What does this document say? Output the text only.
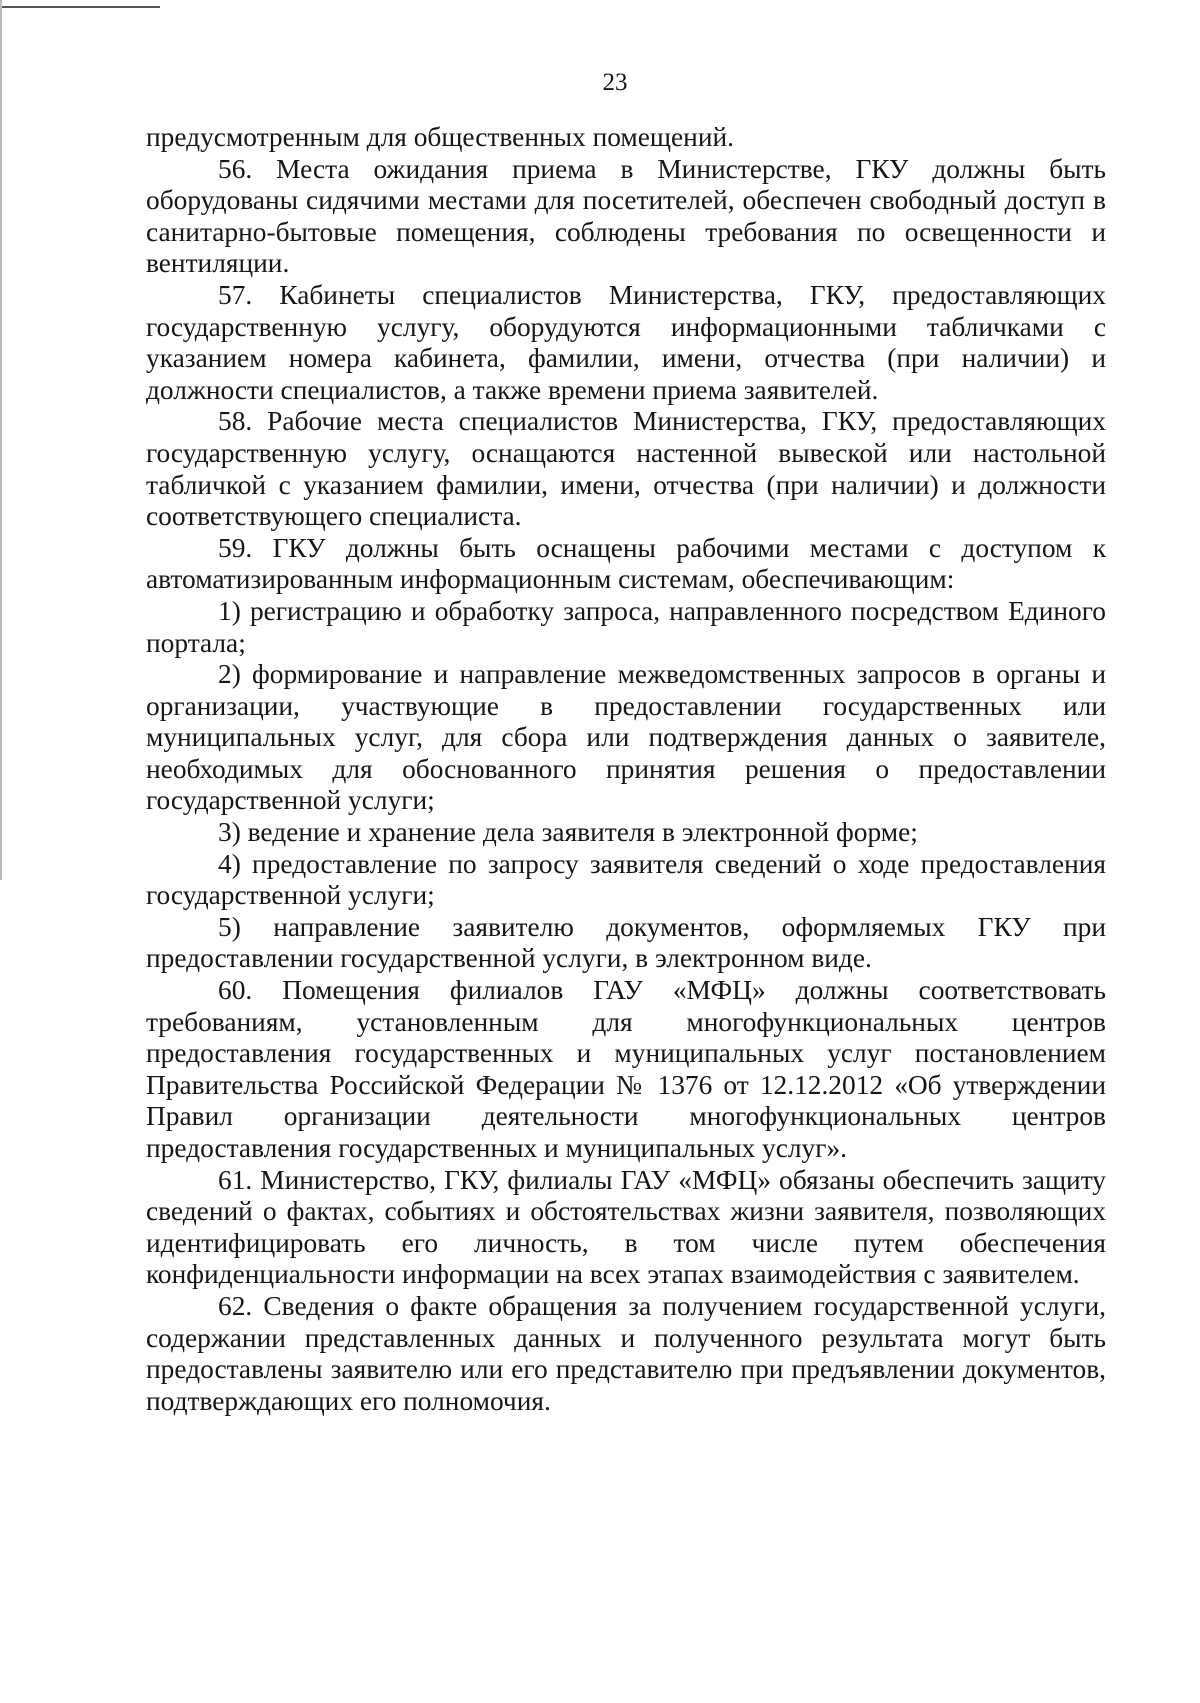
23

предусмотренным для общественных помещений.

56. Места ожидания приема в Министерстве, ГКУ должны быть оборудованы сидячими местами для посетителей, обеспечен свободный доступ в санитарно-бытовые помещения, соблюдены требования по освещенности и вентиляции.

57. Кабинеты специалистов Министерства, ГКУ, предоставляющих государственную услугу, оборудуются информационными табличками с указанием номера кабинета, фамилии, имени, отчества (при наличии) и должности специалистов, а также времени приема заявителей.

58. Рабочие места специалистов Министерства, ГКУ, предоставляющих государственную услугу, оснащаются настенной вывеской или настольной табличкой с указанием фамилии, имени, отчества (при наличии) и должности соответствующего специалиста.

59. ГКУ должны быть оснащены рабочими местами с доступом к автоматизированным информационным системам, обеспечивающим:

1) регистрацию и обработку запроса, направленного посредством Единого портала;

2) формирование и направление межведомственных запросов в органы и организации, участвующие в предоставлении государственных или муниципальных услуг, для сбора или подтверждения данных о заявителе, необходимых для обоснованного принятия решения о предоставлении государственной услуги;

3) ведение и хранение дела заявителя в электронной форме;

4) предоставление по запросу заявителя сведений о ходе предоставления государственной услуги;

5) направление заявителю документов, оформляемых ГКУ при предоставлении государственной услуги, в электронном виде.

60. Помещения филиалов ГАУ «МФЦ» должны соответствовать требованиям, установленным для многофункциональных центров предоставления государственных и муниципальных услуг постановлением Правительства Российской Федерации № 1376 от 12.12.2012 «Об утверждении Правил организации деятельности многофункциональных центров предоставления государственных и муниципальных услуг».

61. Министерство, ГКУ, филиалы ГАУ «МФЦ» обязаны обеспечить защиту сведений о фактах, событиях и обстоятельствах жизни заявителя, позволяющих идентифицировать его личность, в том числе путем обеспечения конфиденциальности информации на всех этапах взаимодействия с заявителем.

62. Сведения о факте обращения за получением государственной услуги, содержании представленных данных и полученного результата могут быть предоставлены заявителю или его представителю при предъявлении документов, подтверждающих его полномочия.
